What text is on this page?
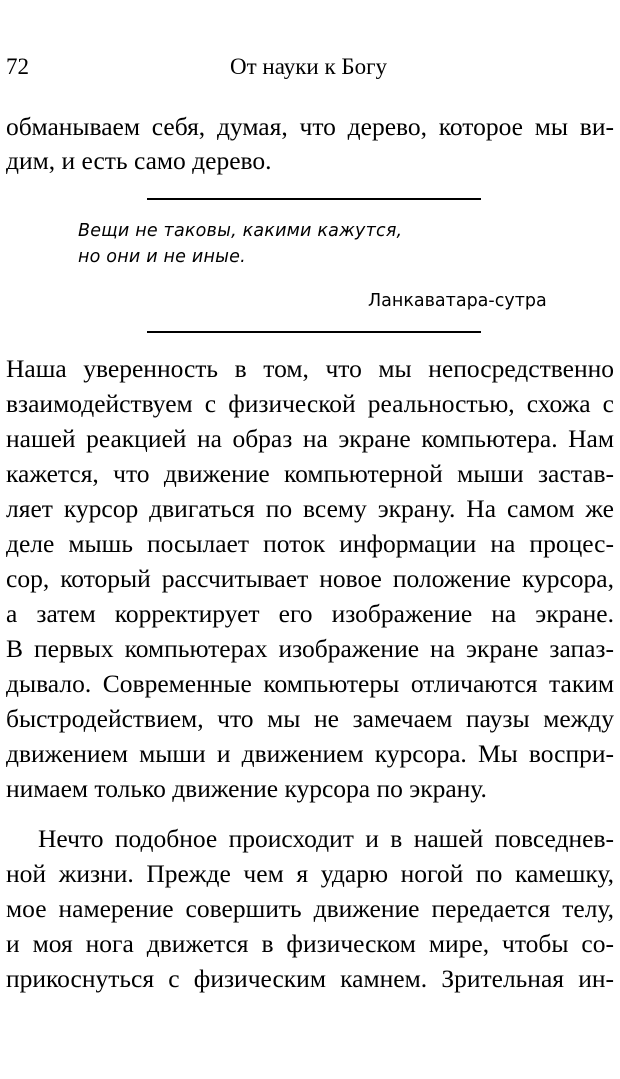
72	От науки к Богу
обманываем себя, думая, что дерево, которое мы ви-
дим, и есть само дерево.
Вещи не таковы, какими кажутся,
но они и не иные.
Ланкаватара-сутра
Наша уверенность в том, что мы непосредственно
взаимодействуем с физической реальностью, схожа с
нашей реакцией на образ на экране компьютера. Нам
кажется, что движение компьютерной мыши застав-
ляет курсор двигаться по всему экрану. На самом же
деле мышь посылает поток информации на процес-
сор, который рассчитывает новое положение курсора,
а затем корректирует его изображение на экране.
В первых компьютерах изображение на экране запаз-
дывало. Современные компьютеры отличаются таким
быстродействием, что мы не замечаем паузы между
движением мыши и движением курсора. Мы воспри-
нимаем только движение курсора по экрану.
Нечто подобное происходит и в нашей повседнев-
ной жизни. Прежде чем я ударю ногой по камешку,
мое намерение совершить движение передается телу,
и моя нога движется в физическом мире, чтобы со-
прикоснуться с физическим камнем. Зрительная ин-
